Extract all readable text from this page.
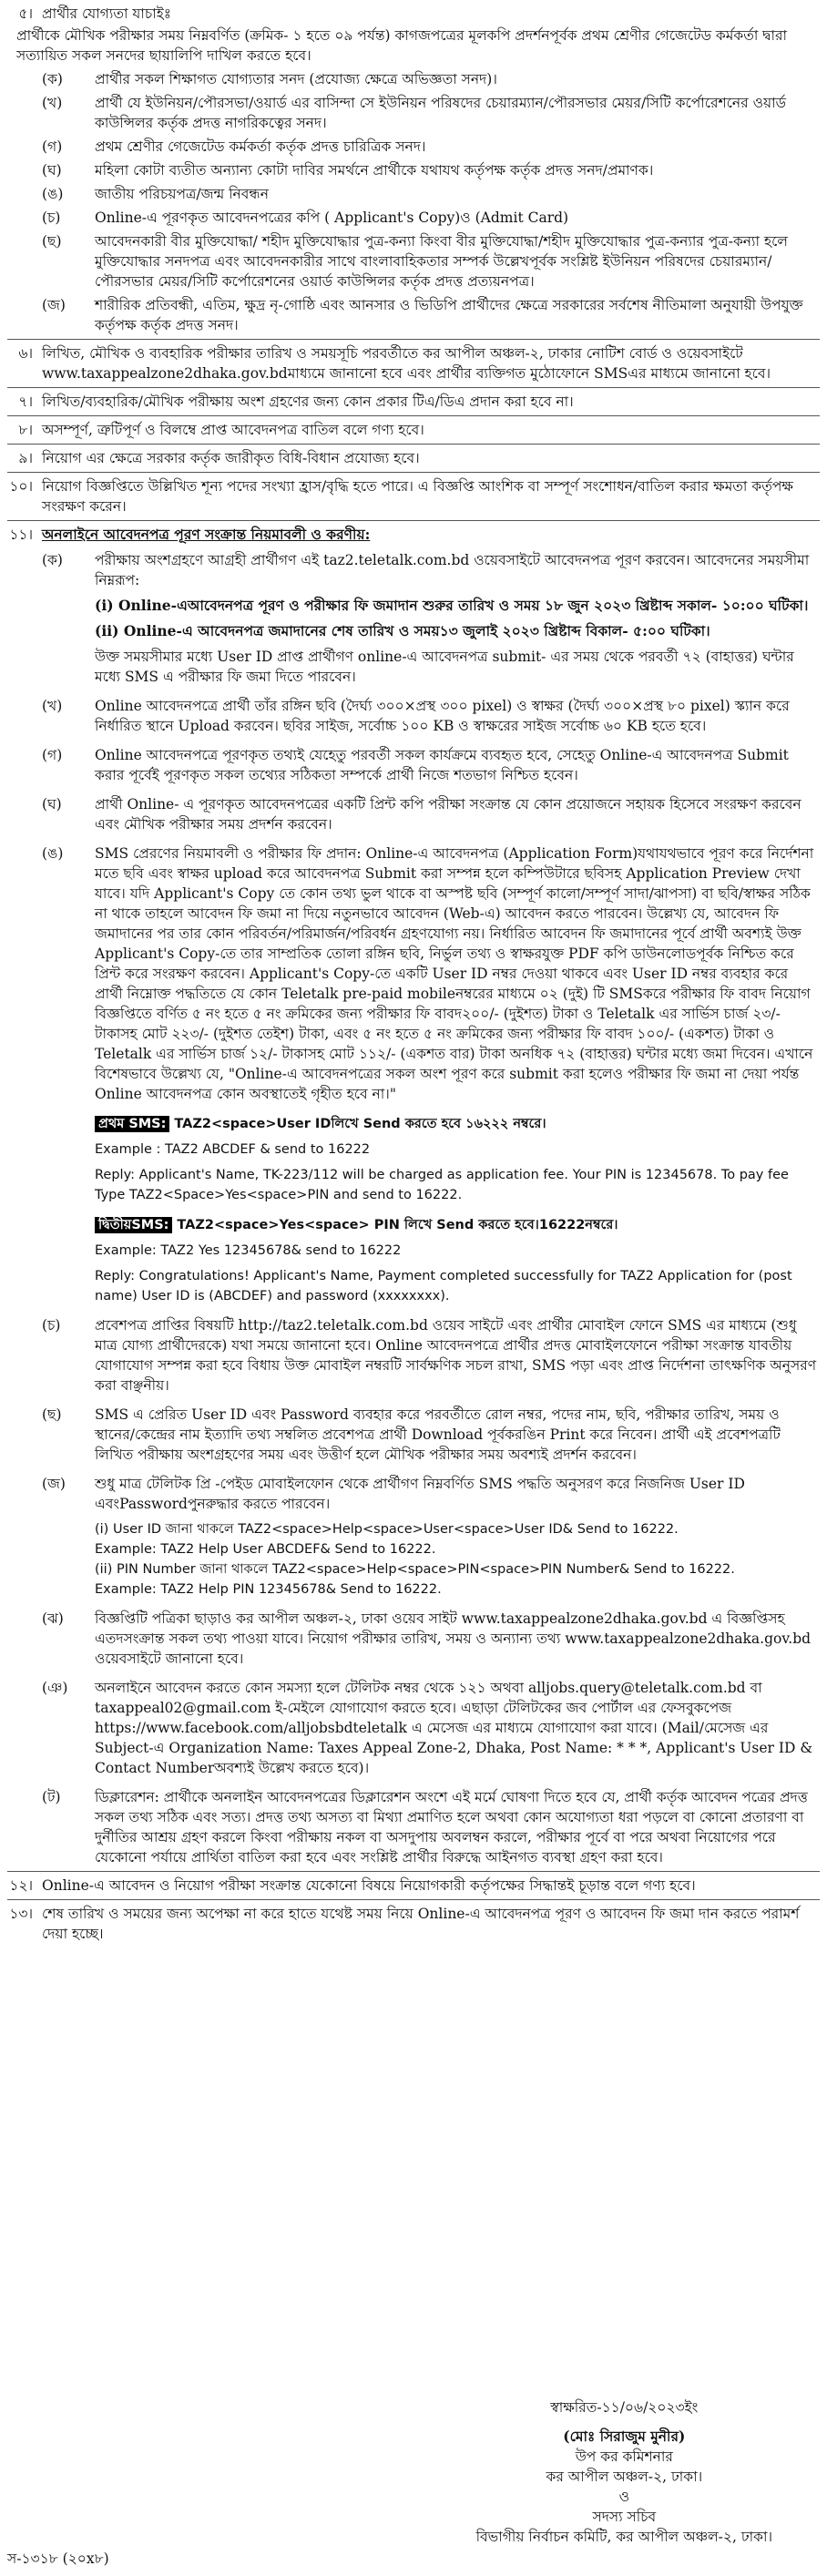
৫। প্রার্থীর যোগ্যতা যাচাইঃ
প্রার্থীকে মৌখিক পরীক্ষার সময় নিম্নবর্ণিত (ক্রমিক- ১ হতে ০৯ পর্যন্ত) কাগজপত্রের মূলকপি প্রদর্শনপূর্বক প্রথম শ্রেণীর গেজেটেড কর্মকর্তা দ্বারা সত্যায়িত সকল সনদের ছায়ালিপি দাখিল করতে হবে।
(ক)	প্রার্থীর সকল শিক্ষাগত যোগ্যতার সনদ (প্রযোজ্য ক্ষেত্রে অভিজ্ঞতা সনদ)।
(খ)	প্রার্থী যে ইউনিয়ন/পৌরসভা/ওয়ার্ড এর বাসিন্দা সে ইউনিয়ন পরিষদের চেয়ারম্যান/পৌরসভার মেয়র/সিটি কর্পোরেশনের ওয়ার্ড কাউন্সিলর কর্তৃক প্রদত্ত নাগরিকত্বের সনদ।
(গ)	প্রথম শ্রেণীর গেজেটেড কর্মকর্তা কর্তৃক প্রদত্ত চারিত্রিক সনদ।
(ঘ)	মহিলা কোটা ব্যতীত অন্যান্য কোটা দাবির সমর্থনে প্রার্থীকে যথাযথ কর্তৃপক্ষ কর্তৃক প্রদত্ত সনদ/প্রমাণক।
(ঙ)	জাতীয় পরিচয়পত্র/জন্ম নিবন্ধন
(চ)	Online-এ পূরণকৃত আবেদনপত্রের কপি ( Applicant's Copy)ও (Admit Card)
(ছ)	আবেদনকারী বীর মুক্তিযোদ্ধা/ শহীদ মুক্তিযোদ্ধার পুত্র-কন্যা কিংবা বীর মুক্তিযোদ্ধা/শহীদ মুক্তিযোদ্ধার পুত্র-কন্যার পুত্র-কন্যা হলে মুক্তিযোদ্ধার সনদপত্র এবং আবেদনকারীর সাথে বাংলাবাহিকতার সম্পর্ক উল্লেখপূর্বক সংশ্লিষ্ট ইউনিয়ন পরিষদের চেয়ারম্যান/পৌরসভার মেয়র/সিটি কর্পোরেশনের ওয়ার্ড কাউন্সিলর কর্তৃক প্রদত্ত প্রত্যয়নপত্র।
(জ)	শারীরিক প্রতিবন্ধী, এতিম, ক্ষুদ্র নৃ-গোষ্ঠি এবং আনসার ও ভিডিপি প্রার্থীদের ক্ষেত্রে সরকারের সর্বশেষ নীতিমালা অনুযায়ী উপযুক্ত কর্তৃপক্ষ কর্তৃক প্রদত্ত সনদ।
৬। লিখিত, মৌখিক ও ব্যবহারিক পরীক্ষার তারিখ ও সময়সূচি পরবর্তীতে কর আপীল অঞ্চল-২, ঢাকার নোটিশ বোর্ড ও ওয়েবসাইটে www.taxappealzone2dhaka.gov.bdমাধ্যমে জানানো হবে এবং প্রার্থীর ব্যক্তিগত মুঠোফোনে SMSএর মাধ্যমে জানানো হবে।
৭। লিখিত/ব্যবহারিক/মৌখিক পরীক্ষায় অংশ গ্রহণের জন্য কোন প্রকার টিএ/ডিএ প্রদান করা হবে না।
৮। অসম্পূর্ণ, ত্রুটিপূর্ণ ও বিলম্বে প্রাপ্ত আবেদনপত্র বাতিল বলে গণ্য হবে।
৯। নিয়োগ এর ক্ষেত্রে সরকার কর্তৃক জারীকৃত বিধি-বিধান প্রযোজ্য হবে।
১০। নিয়োগ বিজ্ঞপ্তিতে উল্লিখিত শূন্য পদের সংখ্যা হ্রাস/বৃদ্ধি হতে পারে। এ বিজ্ঞপ্তি আংশিক বা সম্পূর্ণ সংশোধন/বাতিল করার ক্ষমতা কর্তৃপক্ষ সংরক্ষণ করেন।
১১। অনলাইনে আবেদনপত্র পূরণ সংক্রান্ত নিয়মাবলী ও করণীয়:
(ক)	পরীক্ষায় অংশগ্রহণে আগ্রহী প্রার্থীগণ এই taz2.teletalk.com.bd ওয়েবসাইটে আবেদনপত্র পূরণ করবেন। আবেদনের সময়সীমা নিম্নরূপ:
(i) Online-এআবেদনপত্র পূরণ ও পরীক্ষার ফি জমাদান শুরুর তারিখ ও সময় ১৮ জুন ২০২৩ খ্রিষ্টাব্দ সকাল- ১০:০০ ঘটিকা।
(ii) Online-এ আবেদনপত্র জমাদানের শেষ তারিখ ও সময়১৩ জুলাই ২০২৩ খ্রিষ্টাব্দ বিকাল- ৫:০০ ঘটিকা।
উক্ত সময়সীমার মধ্যে User ID প্রাপ্ত প্রার্থীগণ online-এ আবেদনপত্র submit- এর সময় থেকে পরবর্তী ৭২ (বাহাত্তর) ঘন্টার মধ্যে SMS এ পরীক্ষার ফি জমা দিতে পারবেন।
(খ)	Online আবেদনপত্রে প্রার্থী তাঁর রঙ্গিন ছবি (দৈর্ঘ্য ৩০০×প্রস্থ ৩০০ pixel) ও স্বাক্ষর (দৈর্ঘ্য ৩০০×প্রস্থ ৮০ pixel) স্ক্যান করে নির্ধারিত স্থানে Upload করবেন। ছবির সাইজ, সর্বোচ্চ ১০০ KB ও স্বাক্ষরের সাইজ সর্বোচ্চ ৬০ KB হতে হবে।
(গ)	Online আবেদনপত্রে পূরণকৃত তথ্যই যেহেতু পরবর্তী সকল কার্যক্রমে ব্যবহৃত হবে, সেহেতু Online-এ আবেদনপত্র Submit করার পূর্বেই পূরণকৃত সকল তথ্যের সঠিকতা সম্পর্কে প্রার্থী নিজে শতভাগ নিশ্চিত হবেন।
(ঘ)	প্রার্থী Online- এ পূরণকৃত আবেদনপত্রের একটি প্রিন্ট কপি পরীক্ষা সংক্রান্ত যে কোন প্রয়োজনে সহায়ক হিসেবে সংরক্ষণ করবেন এবং মৌখিক পরীক্ষার সময় প্রদর্শন করবেন।
(ঙ)	SMS প্রেরণের নিয়মাবলী ও পরীক্ষার ফি প্রদান: Online-এ আবেদনপত্র (Application Form)যথাযথভাবে পূরণ করে নির্দেশনা মতে ছবি এবং স্বাক্ষর upload করে আবেদনপত্র Submit করা সম্পন্ন হলে কম্পিউটারে ছবিসহ Application Preview দেখা যাবে। যদি Applicant's Copy তে কোন তথ্য ভুল থাকে বা অস্পষ্ট ছবি (সম্পূর্ণ কালো/সম্পূর্ণ সাদা/ঝাপসা) বা ছবি/স্বাক্ষর সঠিক না থাকে তাহলে আবেদন ফি জমা না দিয়ে নতুনভাবে আবেদন (Web-এ) আবেদন করতে পারবেন। উল্লেখ্য যে, আবেদন ফি জমাদানের পর তার কোন পরিবর্তন/পরিমার্জন/পরিবর্ধন গ্রহণযোগ্য নয়। নির্ধারিত আবেদন ফি জমাদানের পূর্বে প্রার্থী অবশ্যই উক্ত Applicant's Copy-তে তার সাম্প্রতিক তোলা রঙ্গিন ছবি, নির্ভুল তথ্য ও স্বাক্ষরযুক্ত PDF কপি ডাউনলোডপূর্বক নিশ্চিত করে প্রিন্ট করে সংরক্ষণ করবেন। Applicant's Copy-তে একটি User ID নম্বর দেওয়া থাকবে এবং User ID নম্বর ব্যবহার করে প্রার্থী নিম্নোক্ত পদ্ধতিতে যে কোন Teletalk pre-paid mobileনম্বরের মাধ্যমে ০২ (দুই) টি SMSকরে পরীক্ষার ফি বাবদ নিয়োগ বিজ্ঞপ্তিতে বর্ণিত ৫ নং হতে ৫ নং ক্রমিকের জন্য পরীক্ষার ফি বাবদ২০০/- (দুইশত) টাকা ও Teletalk এর সার্ভিস চার্জ ২৩/- টাকাসহ মোট ২২৩/- (দুইশত তেইশ) টাকা, এবং ৫ নং হতে ৫ নং ক্রমিকের জন্য পরীক্ষার ফি বাবদ ১০০/- (একশত) টাকা ও Teletalk এর সার্ভিস চার্জ ১২/- টাকাসহ মোট ১১২/- (একশত বার) টাকা অনধিক ৭২ (বাহাত্তর) ঘন্টার মধ্যে জমা দিবেন। এখানে বিশেষভাবে উল্লেখ্য যে, "Online-এ আবেদনপত্রের সকল অংশ পূরণ করে submit করা হলেও পরীক্ষার ফি জমা না দেয়া পর্যন্ত Online আবেদনপত্র কোন অবস্থাতেই গৃহীত হবে না।"
প্রথম SMS: TAZ2<space>User IDলিখে Send করতে হবে ১৬২২২ নম্বরে।
Example : TAZ2 ABCDEF & send to 16222
Reply: Applicant's Name, TK-223/112 will be charged as application fee. Your PIN is 12345678. To pay fee Type TAZ2<Space>Yes<space>PIN and send to 16222.
দ্বিতীয়SMS: TAZ2<space>Yes<space> PIN লিখে Send করতে হবে।16222নম্বরে।
Example: TAZ2 Yes 12345678& send to 16222
Reply: Congratulations! Applicant's Name, Payment completed successfully for TAZ2 Application for (post name) User ID is (ABCDEF) and password (xxxxxxxx).
(চ)	প্রবেশপত্র প্রাপ্তির বিষয়টি http://taz2.teletalk.com.bd ওয়েব সাইটে এবং প্রার্থীর মোবাইল ফোনে SMS এর মাধ্যমে (শুধু মাত্র যোগ্য প্রার্থীদেরকে) যথা সময়ে জানানো হবে। Online আবেদনপত্রে প্রার্থীর প্রদত্ত মোবাইলফোনে পরীক্ষা সংক্রান্ত যাবতীয় যোগাযোগ সম্পন্ন করা হবে বিধায় উক্ত মোবাইল নম্বরটি সার্বক্ষণিক সচল রাখা, SMS পড়া এবং প্রাপ্ত নির্দেশনা তাৎক্ষণিক অনুসরণ করা বাঞ্ছনীয়।
(ছ)	SMS এ প্রেরিত User ID এবং Password ব্যবহার করে পরবর্তীতে রোল নম্বর, পদের নাম, ছবি, পরীক্ষার তারিখ, সময় ও স্থানের/কেন্দ্রের নাম ইত্যাদি তথ্য সম্বলিত প্রবেশপত্র প্রার্থী Download পূর্বকরঙিন Print করে নিবেন। প্রার্থী এই প্রবেশপত্রটি লিখিত পরীক্ষায় অংশগ্রহণের সময় এবং উত্তীর্ণ হলে মৌখিক পরীক্ষার সময় অবশ্যই প্রদর্শন করবেন।
(জ)	শুধু মাত্র টেলিটক প্রি -পেইড মোবাইলফোন থেকে প্রার্থীগণ নিম্নবর্ণিত SMS পদ্ধতি অনুসরণ করে নিজনিজ User ID এবংPasswordপুনরুদ্ধার করতে পারবেন।
(i) User ID জানা থাকলে TAZ2<space>Help<space>User<space>User ID& Send to 16222.
Example: TAZ2 Help User ABCDEF& Send to 16222.
(ii) PIN Number জানা থাকলে TAZ2<space>Help<space>PIN<space>PIN Number& Send to 16222.
Example: TAZ2 Help PIN 12345678& Send to 16222.
(ঝ)	বিজ্ঞপ্তিটি পত্রিকা ছাড়াও কর আপীল অঞ্চল-২, ঢাকা ওয়েব সাইট www.taxappealzone2dhaka.gov.bd এ বিজ্ঞপ্তিসহ এতদসংক্রান্ত সকল তথ্য পাওয়া যাবে। নিয়োগ পরীক্ষার তারিখ, সময় ও অন্যান্য তথ্য www.taxappealzone2dhaka.gov.bd ওয়েবসাইটে জানানো হবে।
(ঞ)	অনলাইনে আবেদন করতে কোন সমস্যা হলে টেলিটক নম্বর থেকে ১২১ অথবা alljobs.query@teletalk.com.bd বা taxappeal02@gmail.com ই-মেইলে যোগাযোগ করতে হবে। এছাড়া টেলিটকের জব পোর্টাল এর ফেসবুকপেজ https://www.facebook.com/alljobsbdteletalk এ মেসেজ এর মাধ্যমে যোগাযোগ করা যাবে। (Mail/মেসেজ এর Subject-এ Organization Name: Taxes Appeal Zone-2, Dhaka, Post Name: * * *, Applicant's User ID & Contact Numberঅবশ্যই উল্লেখ করতে হবে)।
(ট)	ডিক্লারেশন: প্রার্থীকে অনলাইন আবেদনপত্রের ডিক্লারেশন অংশে এই মর্মে ঘোষণা দিতে হবে যে, প্রার্থী কর্তৃক আবেদন পত্রের প্রদত্ত সকল তথ্য সঠিক এবং সত্য। প্রদত্ত তথ্য অসত্য বা মিথ্যা প্রমাণিত হলে অথবা কোন অযোগ্যতা ধরা পড়লে বা কোনো প্রতারণা বা দুর্নীতির আশ্রয় গ্রহণ করলে কিংবা পরীক্ষায় নকল বা অসদুপায় অবলম্বন করলে, পরীক্ষার পূর্বে বা পরে অথবা নিয়োগের পরে যেকোনো পর্যায়ে প্রার্থিতা বাতিল করা হবে এবং সংশ্লিষ্ট প্রার্থীর বিরুদ্ধে আইনগত ব্যবস্থা গ্রহণ করা হবে।
১২। Online-এ আবেদন ও নিয়োগ পরীক্ষা সংক্রান্ত যেকোনো বিষয়ে নিয়োগকারী কর্তৃপক্ষের সিদ্ধান্তই চূড়ান্ত বলে গণ্য হবে।
১৩। শেষ তারিখ ও সময়ের জন্য অপেক্ষা না করে হাতে যথেষ্ট সময় নিয়ে Online-এ আবেদনপত্র পূরণ ও আবেদন ফি জমা দান করতে পরামর্শ দেয়া হচ্ছে।
স্বাক্ষরিত-১১/০৬/২০২৩ইং
(মোঃ সিরাজুম মুনীর)
উপ কর কমিশনার
কর আপীল অঞ্চল-২, ঢাকা।
ও
সদস্য সচিব
বিভাগীয় নির্বাচন কমিটি, কর আপীল অঞ্চল-২, ঢাকা।
স-১৩১৮ (২০x৮)
